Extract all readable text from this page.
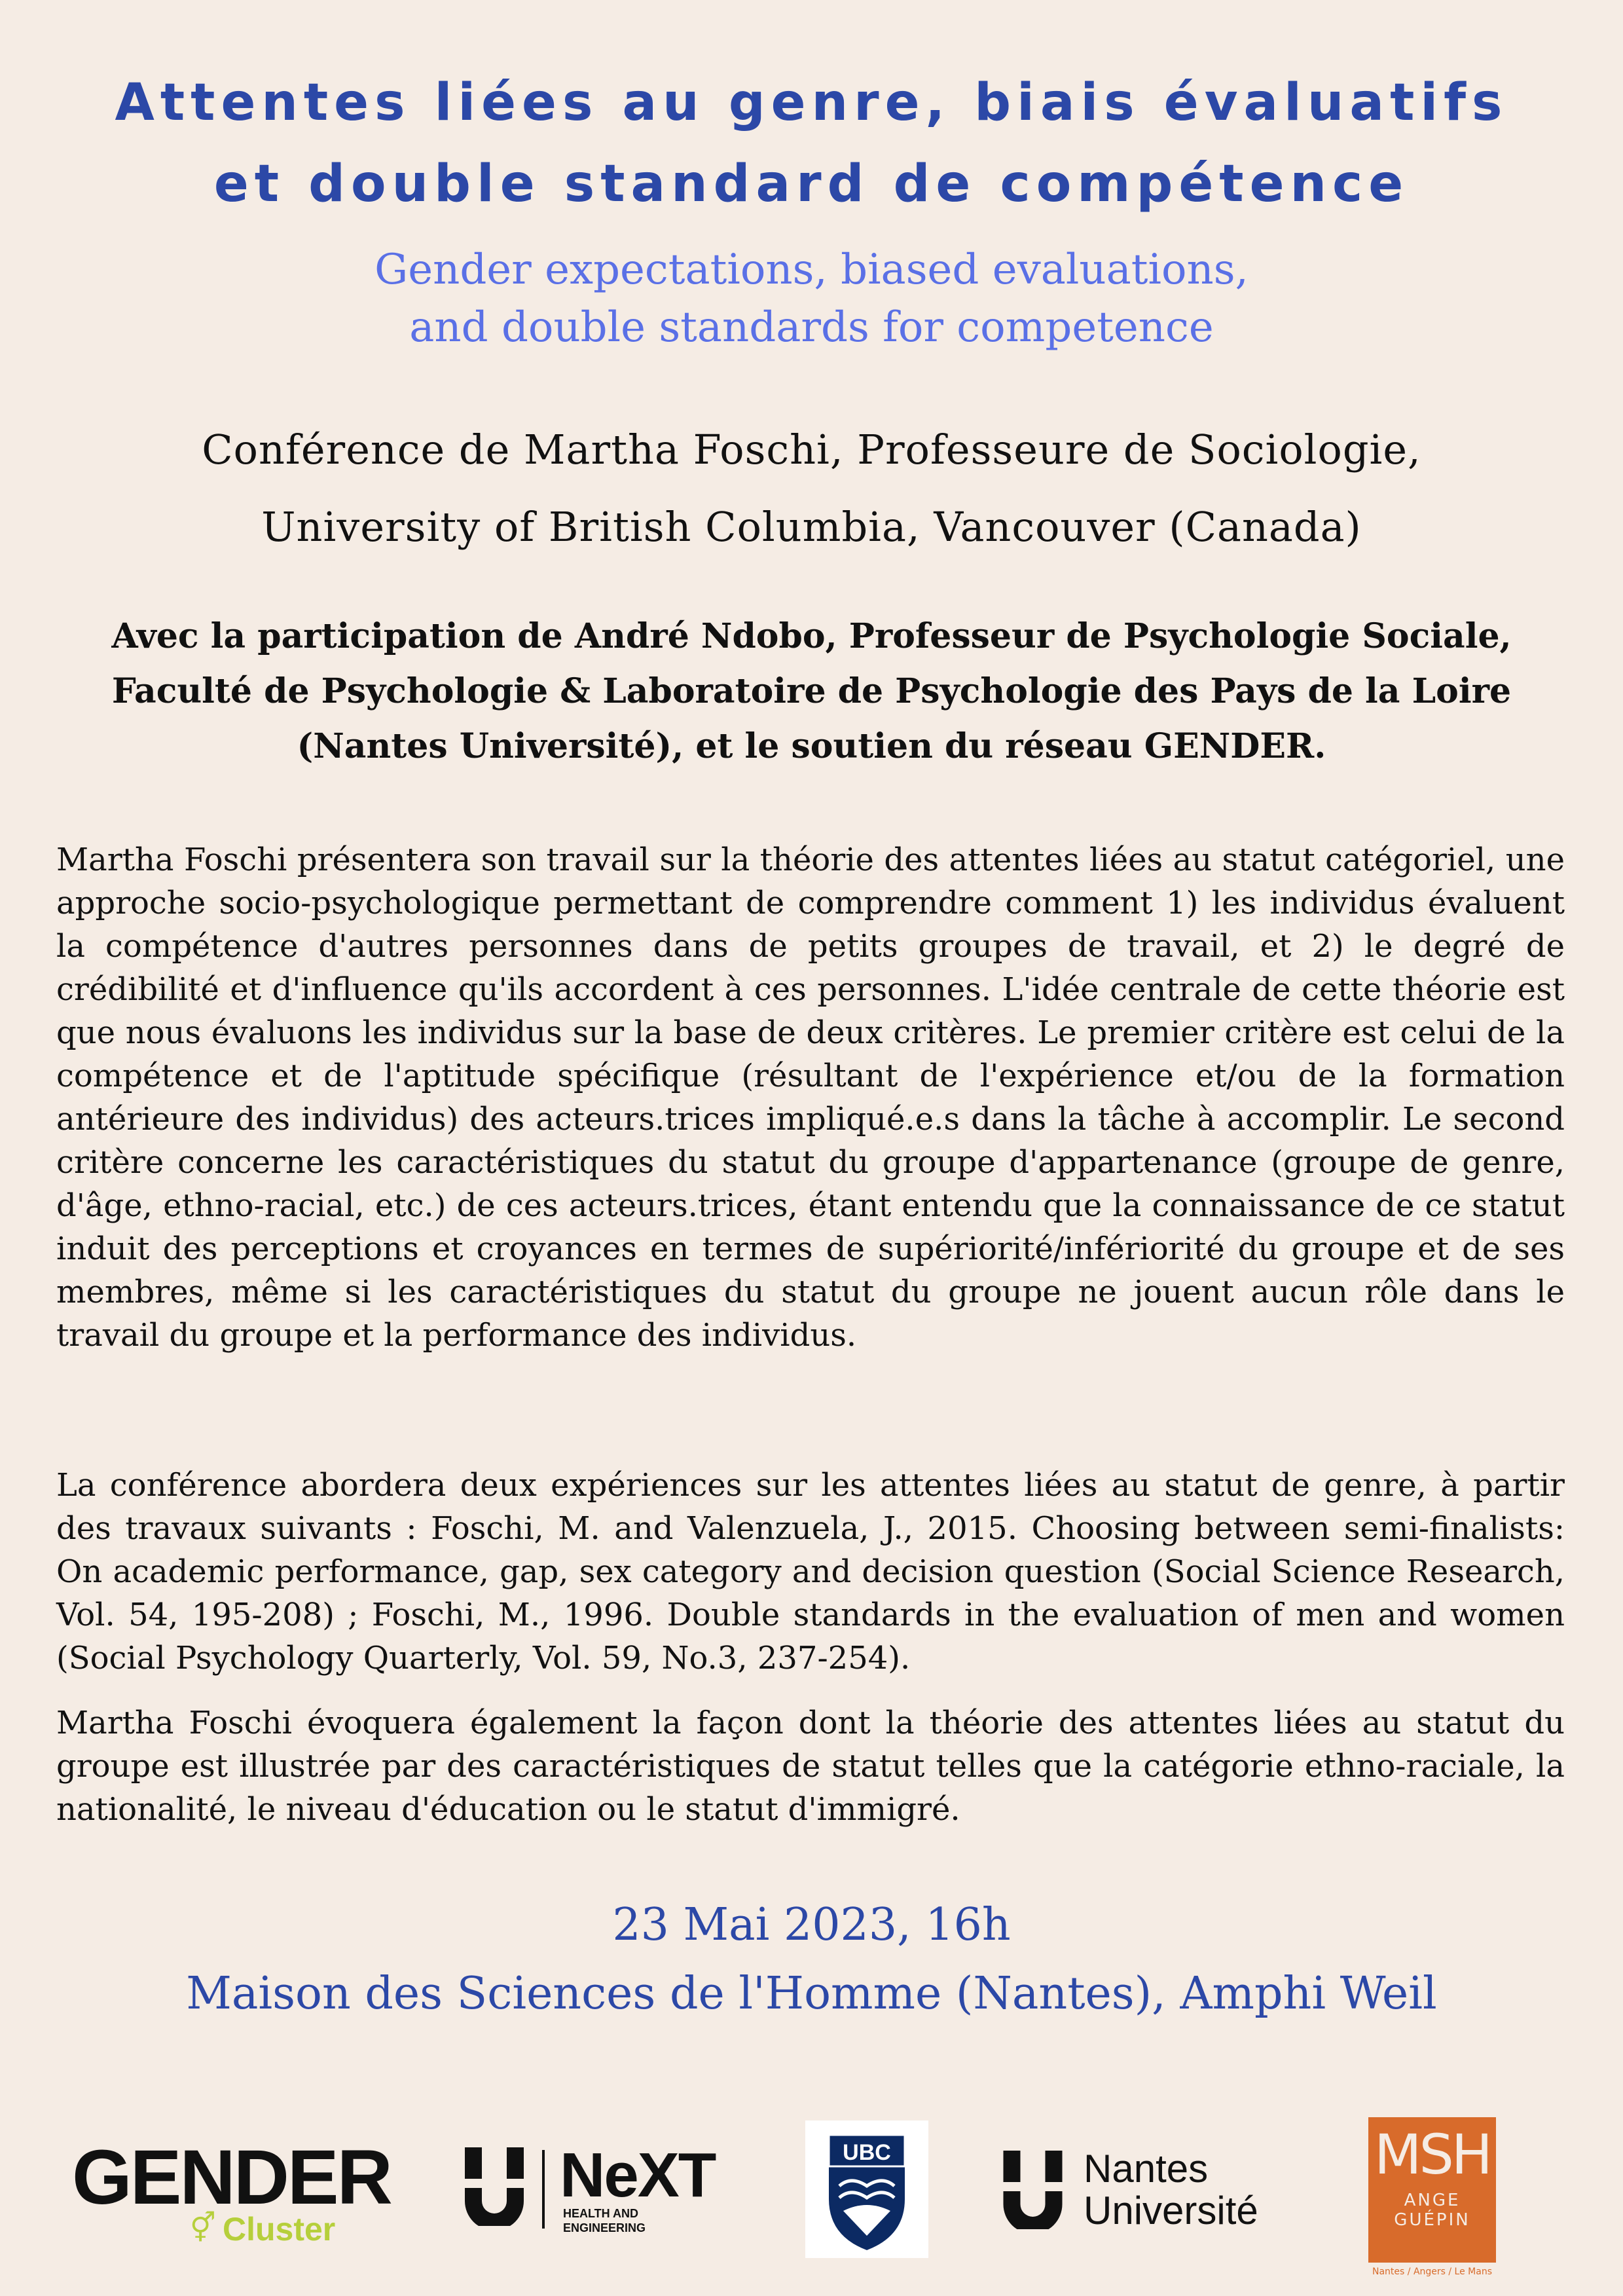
Attentes liées au genre, biais évaluatifs
et double standard de compétence
Gender expectations, biased evaluations,
and double standards for competence
Conférence de Martha Foschi, Professeure de Sociologie,
University of British Columbia, Vancouver (Canada)
Avec la participation de André Ndobo, Professeur de Psychologie Sociale,
Faculté de Psychologie & Laboratoire de Psychologie des Pays de la Loire
(Nantes Université), et le soutien du réseau GENDER.

Martha Foschi présentera son travail sur la théorie des attentes liées au statut catégoriel, une approche socio-psychologique permettant de comprendre comment 1) les individus évaluent la compétence d'autres personnes dans de petits groupes de travail, et 2) le degré de crédibilité et d'influence qu'ils accordent à ces personnes. L'idée centrale de cette théorie est que nous évaluons les individus sur la base de deux critères. Le premier critère est celui de la compétence et de l'aptitude spécifique (résultant de l'expérience et/ou de la formation antérieure des individus) des acteurs.trices impliqué.e.s dans la tâche à accomplir. Le second critère concerne les caractéristiques du statut du groupe d'appartenance (groupe de genre, d'âge, ethno-racial, etc.) de ces acteurs.trices, étant entendu que la connaissance de ce statut induit des perceptions et croyances en termes de supériorité/infériorité du groupe et de ses membres, même si les caractéristiques du statut du groupe ne jouent aucun rôle dans le travail du groupe et la performance des individus.

La conférence abordera deux expériences sur les attentes liées au statut de genre, à partir des travaux suivants : Foschi, M. and Valenzuela, J., 2015. Choosing between semi-finalists: On academic performance, gap, sex category and decision question (Social Science Research, Vol. 54, 195-208) ; Foschi, M., 1996. Double standards in the evaluation of men and women (Social Psychology Quarterly, Vol. 59, No.3, 237-254).

Martha Foschi évoquera également la façon dont la théorie des attentes liées au statut du groupe est illustrée par des caractéristiques de statut telles que la catégorie ethno-raciale, la nationalité, le niveau d'éducation ou le statut d'immigré.

23 Mai 2023, 16h
Maison des Sciences de l'Homme (Nantes), Amphi Weil
GENDER
⚥ Cluster
NeXT
HEALTH AND
ENGINEERING
UBC	Nantes
Université
MSH
ANGE
GUÉPIN
Nantes / Angers / Le Mans
